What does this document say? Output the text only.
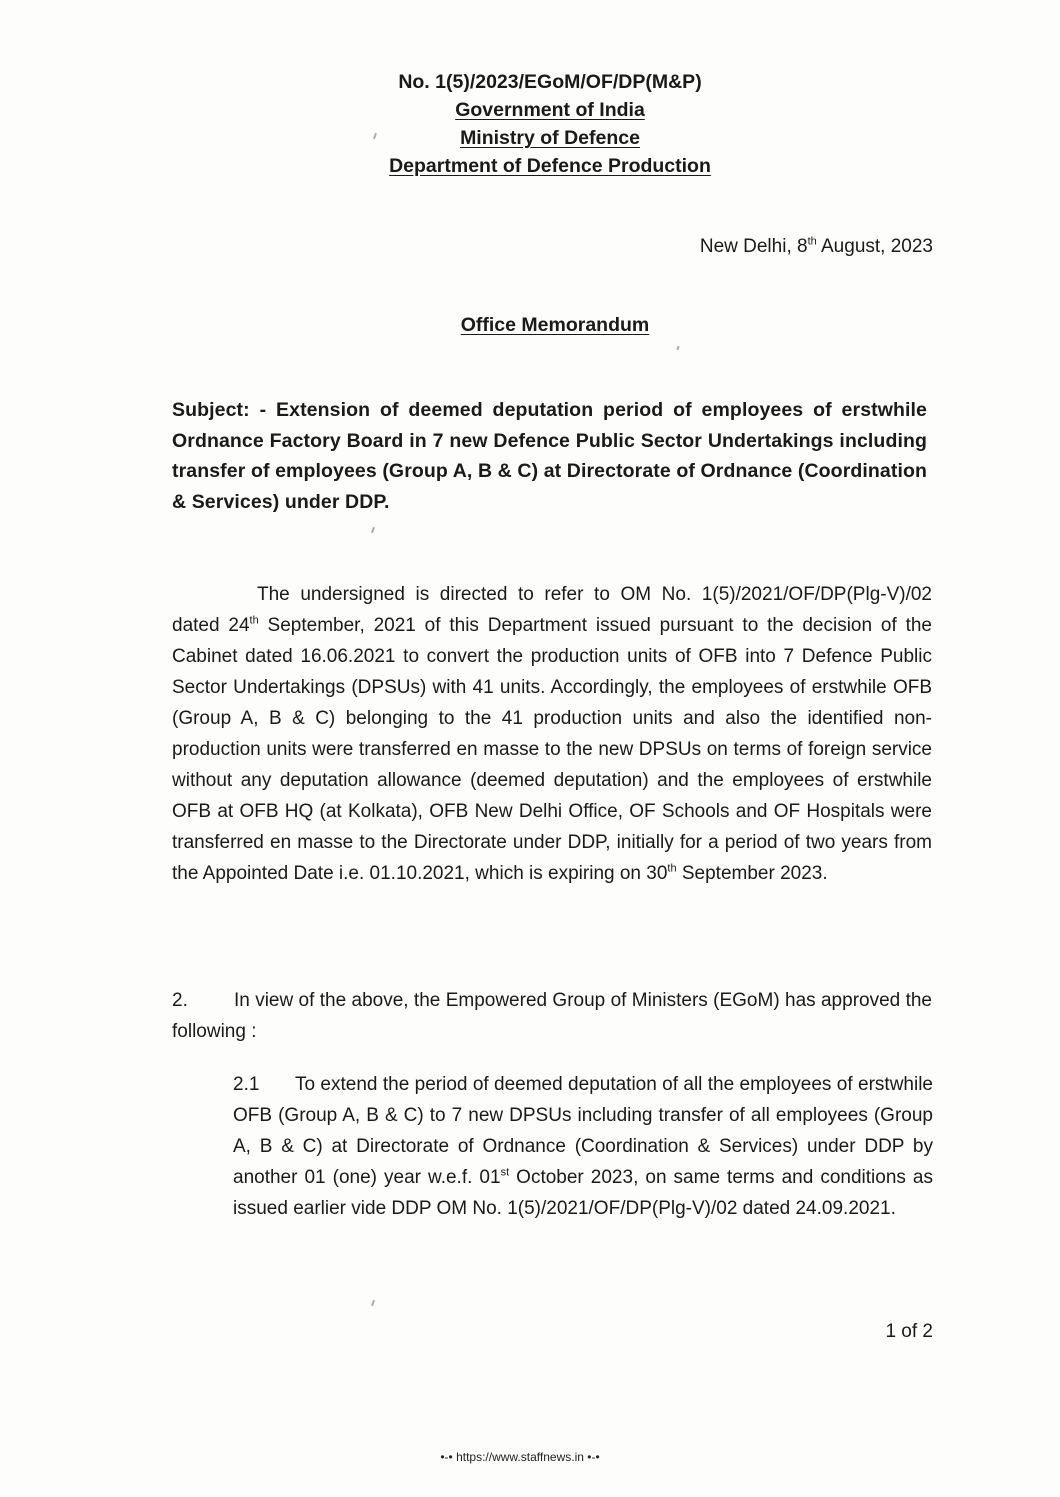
No. 1(5)/2023/EGoM/OF/DP(M&P)
Government of India
Ministry of Defence
Department of Defence Production
New Delhi, 8th August, 2023
Office Memorandum
Subject: - Extension of deemed deputation period of employees of erstwhile Ordnance Factory Board in 7 new Defence Public Sector Undertakings including transfer of employees (Group A, B & C) at Directorate of Ordnance (Coordination & Services) under DDP.
The undersigned is directed to refer to OM No. 1(5)/2021/OF/DP(Plg-V)/02 dated 24th September, 2021 of this Department issued pursuant to the decision of the Cabinet dated 16.06.2021 to convert the production units of OFB into 7 Defence Public Sector Undertakings (DPSUs) with 41 units. Accordingly, the employees of erstwhile OFB (Group A, B & C) belonging to the 41 production units and also the identified non-production units were transferred en masse to the new DPSUs on terms of foreign service without any deputation allowance (deemed deputation) and the employees of erstwhile OFB at OFB HQ (at Kolkata), OFB New Delhi Office, OF Schools and OF Hospitals were transferred en masse to the Directorate under DDP, initially for a period of two years from the Appointed Date i.e. 01.10.2021, which is expiring on 30th September 2023.
2. In view of the above, the Empowered Group of Ministers (EGoM) has approved the following :
2.1 To extend the period of deemed deputation of all the employees of erstwhile OFB (Group A, B & C) to 7 new DPSUs including transfer of all employees (Group A, B & C) at Directorate of Ordnance (Coordination & Services) under DDP by another 01 (one) year w.e.f. 01st October 2023, on same terms and conditions as issued earlier vide DDP OM No. 1(5)/2021/OF/DP(Plg-V)/02 dated 24.09.2021.
1 of 2
•-• https://www.staffnews.in •-•
